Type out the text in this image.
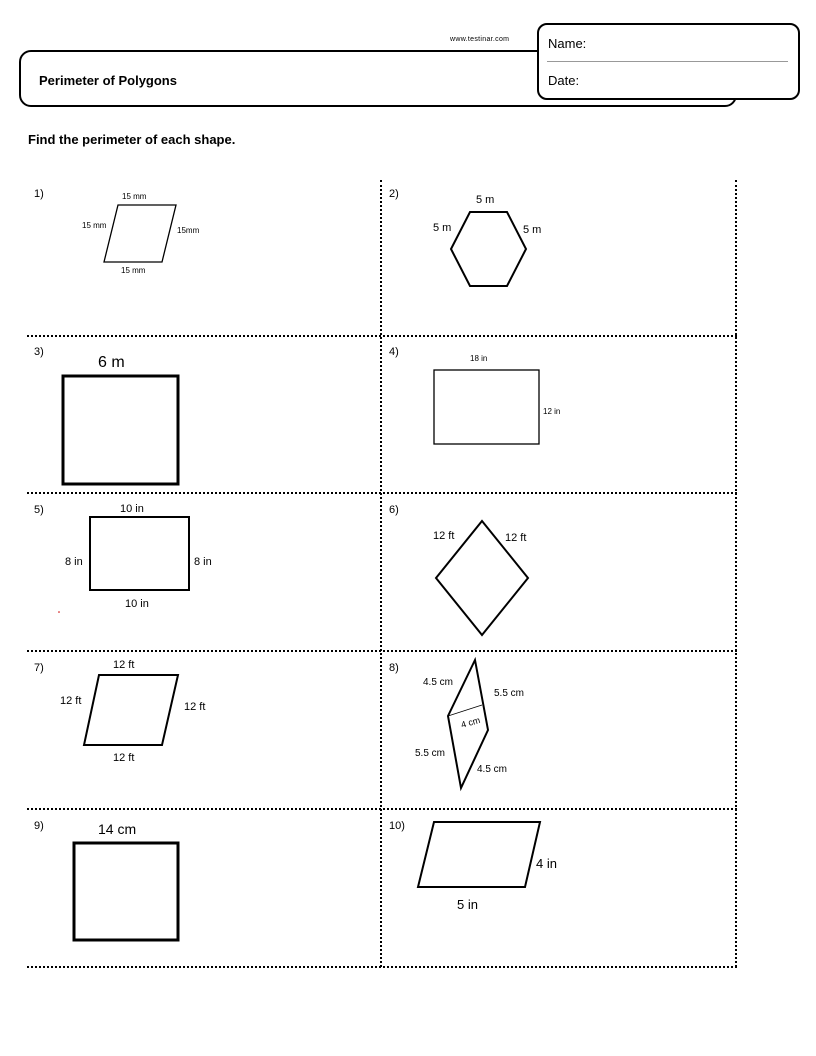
Perimeter of Polygons
www.testinar.com	Name:
Date:
Find the perimeter of each shape.
1)	15 mm
15 mm
15mm
15 mm
2)	5 m
5 m	5 m
3)
6 m
4)
18 in
12 in
5)	10 in
8 in	8 in
10 in
6)
12 ft	12 ft
7)	12 ft
12 ft	12 ft
12 ft
8)
4.5 cm
5.5 cm
4 cm
5.5 cm
4.5 cm
9)	14 cm	10)
4 in
5 in
